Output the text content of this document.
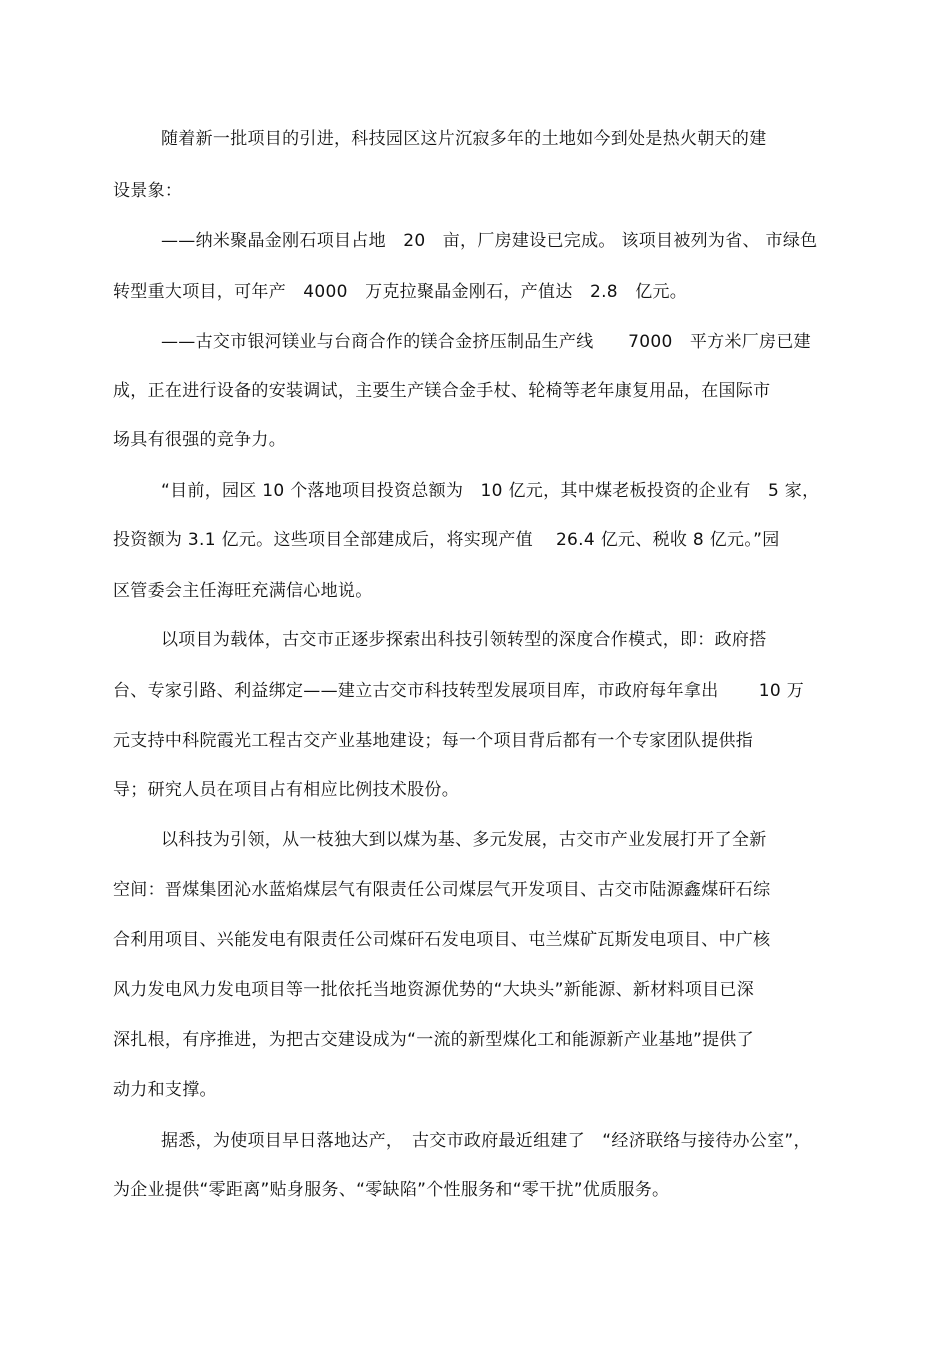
随着新一批项目的引进，科技园区这片沉寂多年的土地如今到处是热火朝天的建
设景象：
——纳米聚晶金刚石项目占地　20　亩，厂房建设已完成。 该项目被列为省、 市绿色
转型重大项目，可年产　4000　万克拉聚晶金刚石，产值达　2.8　亿元。
——古交市银河镁业与台商合作的镁合金挤压制品生产线　　7000　平方米厂房已建
成，正在进行设备的安装调试，主要生产镁合金手杖、轮椅等老年康复用品，在国际市
场具有很强的竞争力。
“目前，园区 10 个落地项目投资总额为　10 亿元，其中煤老板投资的企业有　5 家，
投资额为 3.1 亿元。这些项目全部建成后，将实现产值　 26.4 亿元、税收 8 亿元。”园
区管委会主任海旺充满信心地说。
以项目为载体，古交市正逐步探索出科技引领转型的深度合作模式，即：政府搭
台、专家引路、利益绑定——建立古交市科技转型发展项目库，市政府每年拿出　　 10 万
元支持中科院霞光工程古交产业基地建设；每一个项目背后都有一个专家团队提供指
导；研究人员在项目占有相应比例技术股份。
以科技为引领，从一枝独大到以煤为基、多元发展，古交市产业发展打开了全新
空间：晋煤集团沁水蓝焰煤层气有限责任公司煤层气开发项目、古交市陆源鑫煤矸石综
合利用项目、兴能发电有限责任公司煤矸石发电项目、屯兰煤矿瓦斯发电项目、中广核
风力发电风力发电项目等一批依托当地资源优势的“大块头”新能源、新材料项目已深
深扎根，有序推进，为把古交建设成为“一流的新型煤化工和能源新产业基地”提供了
动力和支撑。
据悉，为使项目早日落地达产，　古交市政府最近组建了　“经济联络与接待办公室”，
为企业提供“零距离”贴身服务、“零缺陷”个性服务和“零干扰”优质服务。
